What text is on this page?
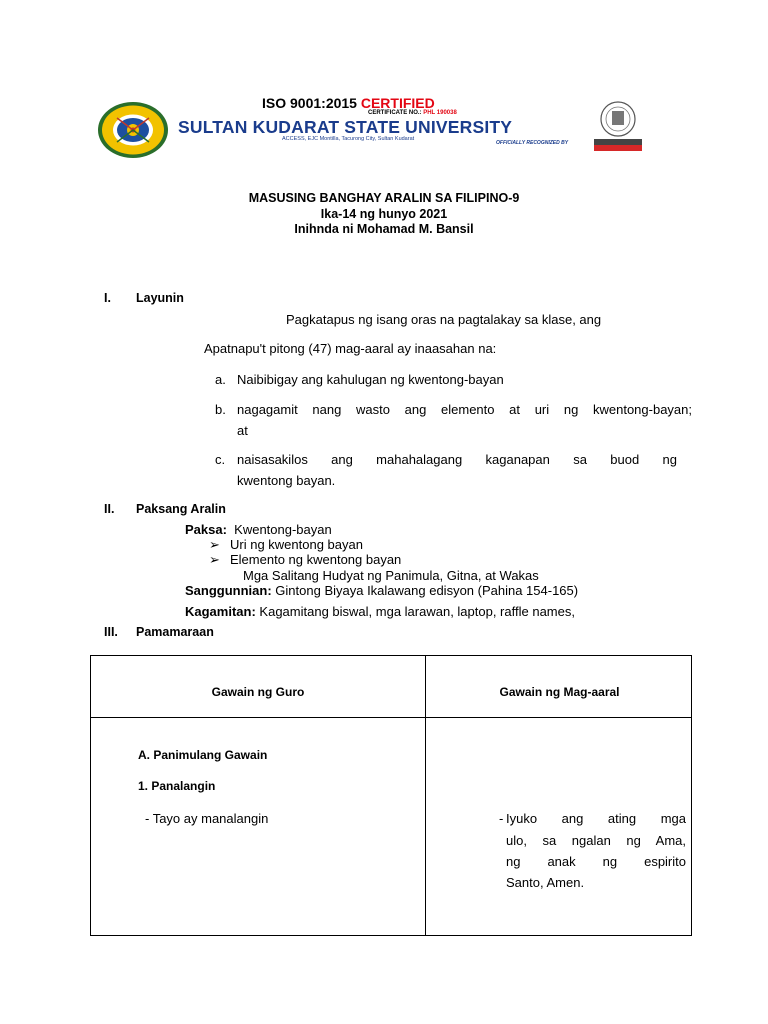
ISO 9001:2015 CERTIFIED
CERTIFICATE NO.: PHL 190038
SULTAN KUDARAT STATE UNIVERSITY
ACCESS, EJC Montilla, Tacurong City, Sultan Kudarat
OFFICIALLY RECOGNIZED BY
MASUSING BANGHAY ARALIN SA FILIPINO-9
Ika-14 ng hunyo 2021
Inihnda ni Mohamad M. Bansil
I. Layunin
Pagkatapus ng isang oras na pagtalakay sa klase, ang
Apatnapu't pitong (47) mag-aaral ay inaasahan na:
a. Naibibigay ang kahulugan ng kwentong-bayan
b. nagagamit nang wasto ang elemento at uri ng kwentong-bayan;
at
c. naisasakilos ang mahahalagang kaganapan sa buod ng
kwentong bayan.
II. Paksang Aralin
Paksa: Kwentong-bayan
➢ Uri ng kwentong bayan
➢ Elemento ng kwentong bayan
Mga Salitang Hudyat ng Panimula, Gitna, at Wakas
Sanggunnian: Gintong Biyaya Ikalawang edisyon (Pahina 154-165)
Kagamitan: Kagamitang biswal, mga larawan, laptop, raffle names,
III. Pamamaraan
Gawain ng Guro	Gawain ng Mag-aaral
A. Panimulang Gawain
1. Panalangin
- Tayo ay manalangin	- Iyuko ang ating mga
ulo, sa ngalan ng Ama,
ng anak ng espirito
Santo, Amen.
